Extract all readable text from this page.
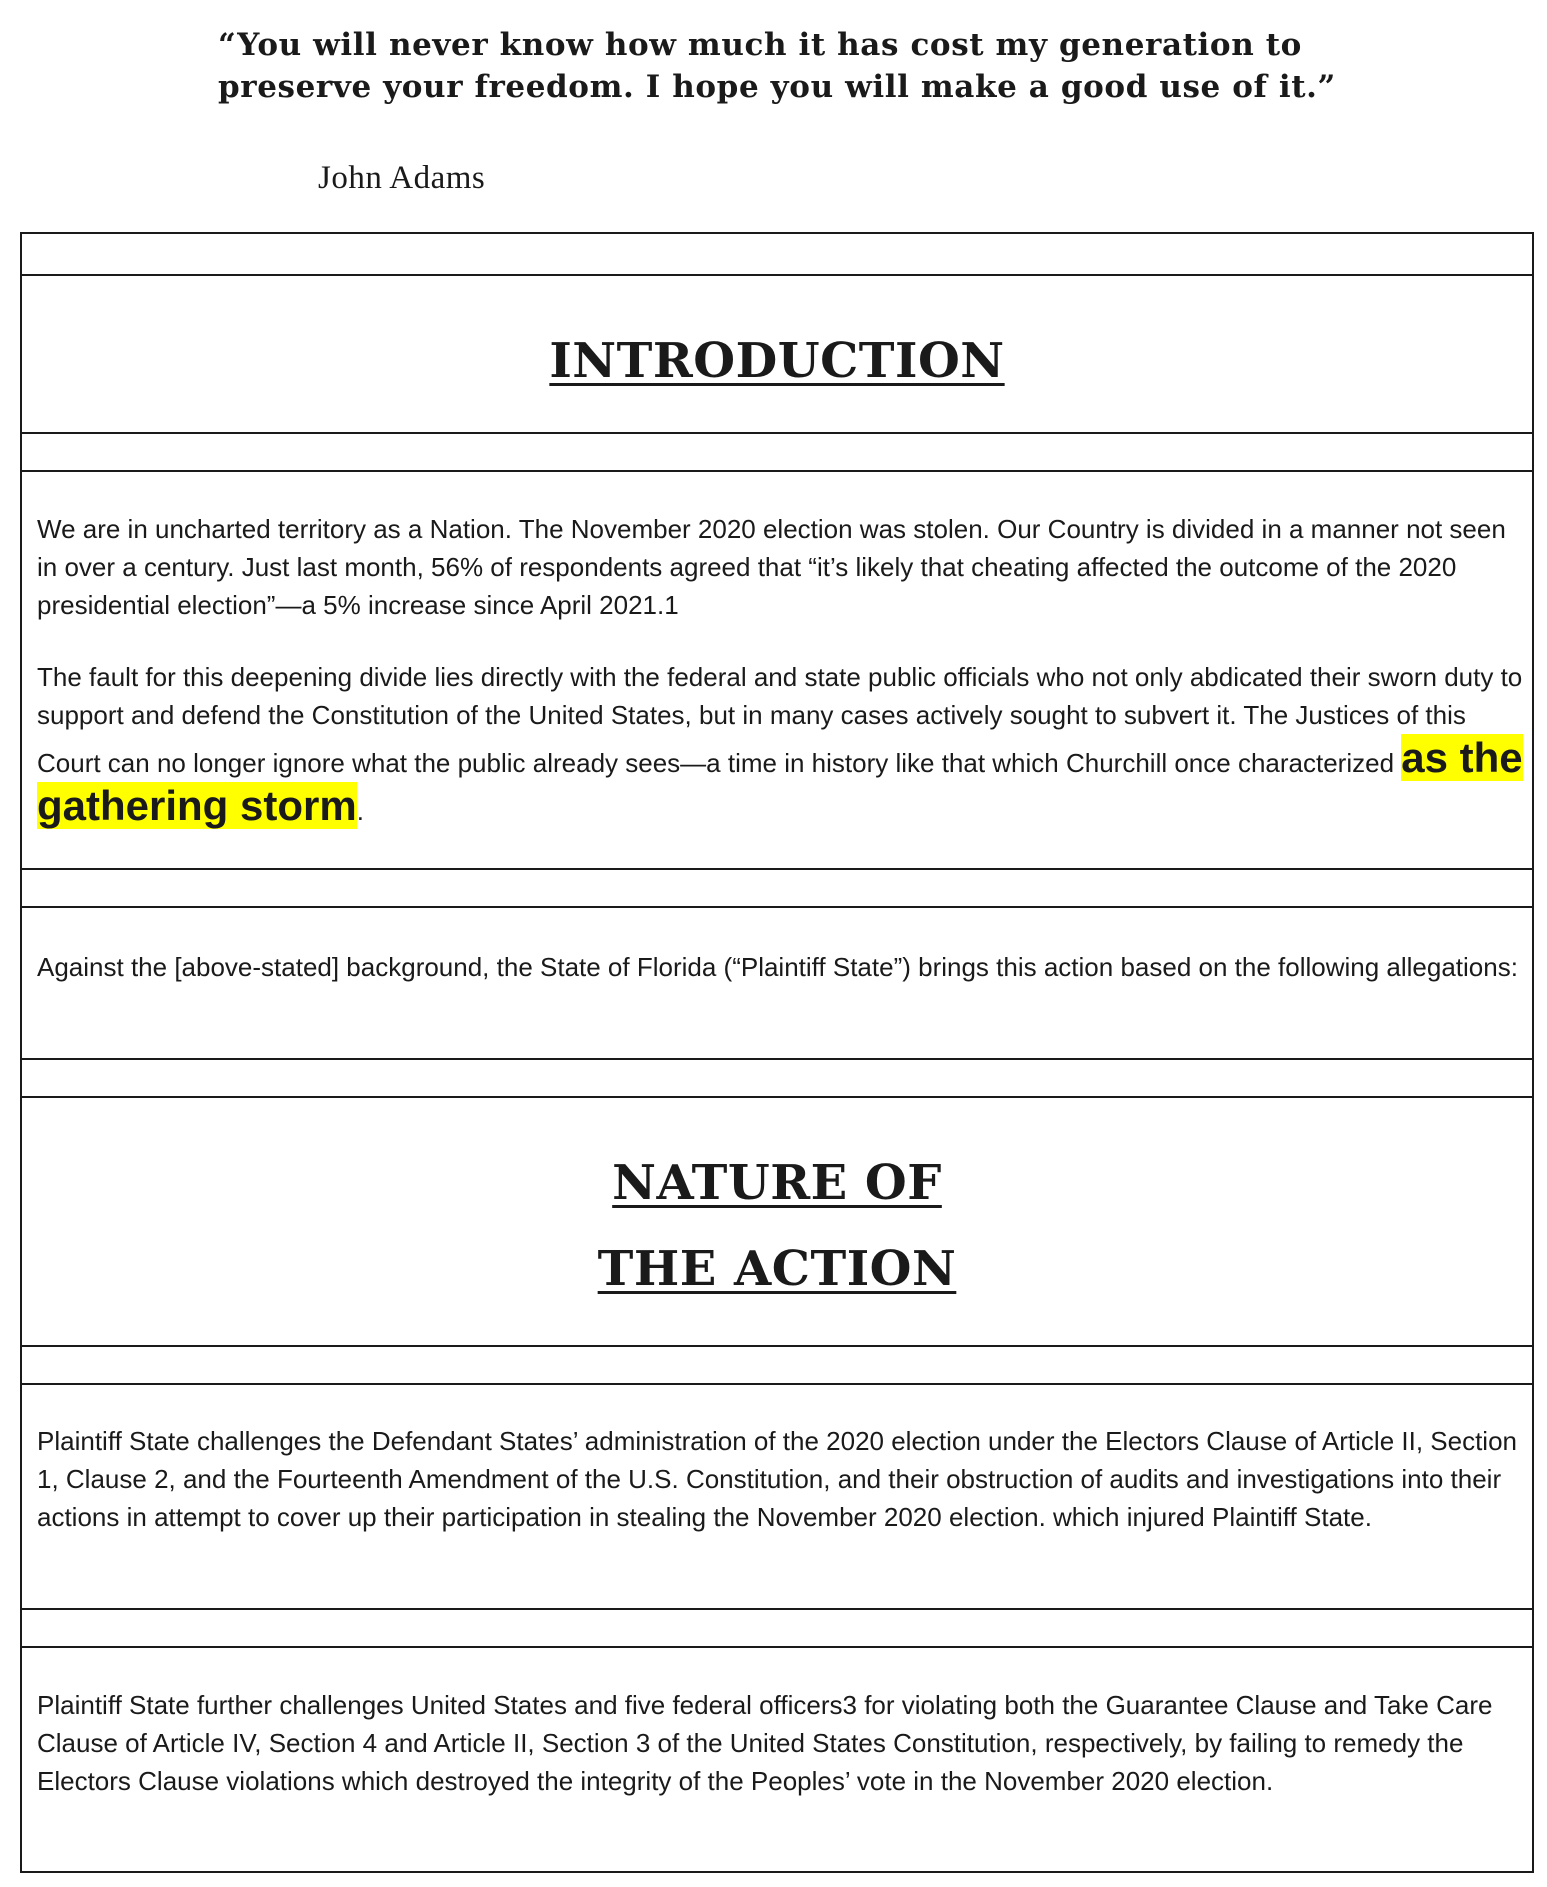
“You will never know how much it has cost my generation to
preserve your freedom. I hope you will make a good use of it.”
John Adams
INTRODUCTION
We are in uncharted territory as a Nation. The November 2020 election was stolen. Our Country is divided in a manner not seen in over a century. Just last month, 56% of respondents agreed that “it’s likely that cheating affected the outcome of the 2020 presidential election”—a 5% increase since April 2021.1
The fault for this deepening divide lies directly with the federal and state public officials who not only abdicated their sworn duty to support and defend the Constitution of the United States, but in many cases actively sought to subvert it. The Justices of this Court can no longer ignore what the public already sees—a time in history like that which Churchill once characterized as the gathering storm.
Against the [above-stated] background, the State of Florida (“Plaintiff State”) brings this action based on the following allegations:
NATURE OF
THE ACTION
Plaintiff State challenges the Defendant States’ administration of the 2020 election under the Electors Clause of Article II, Section 1, Clause 2, and the Fourteenth Amendment of the U.S. Constitution, and their obstruction of audits and investigations into their actions in attempt to cover up their participation in stealing the November 2020 election. which injured Plaintiff State.
Plaintiff State further challenges United States and five federal officers3 for violating both the Guarantee Clause and Take Care Clause of Article IV, Section 4 and Article II, Section 3 of the United States Constitution, respectively, by failing to remedy the Electors Clause violations which destroyed the integrity of the Peoples’ vote in the November 2020 election.
